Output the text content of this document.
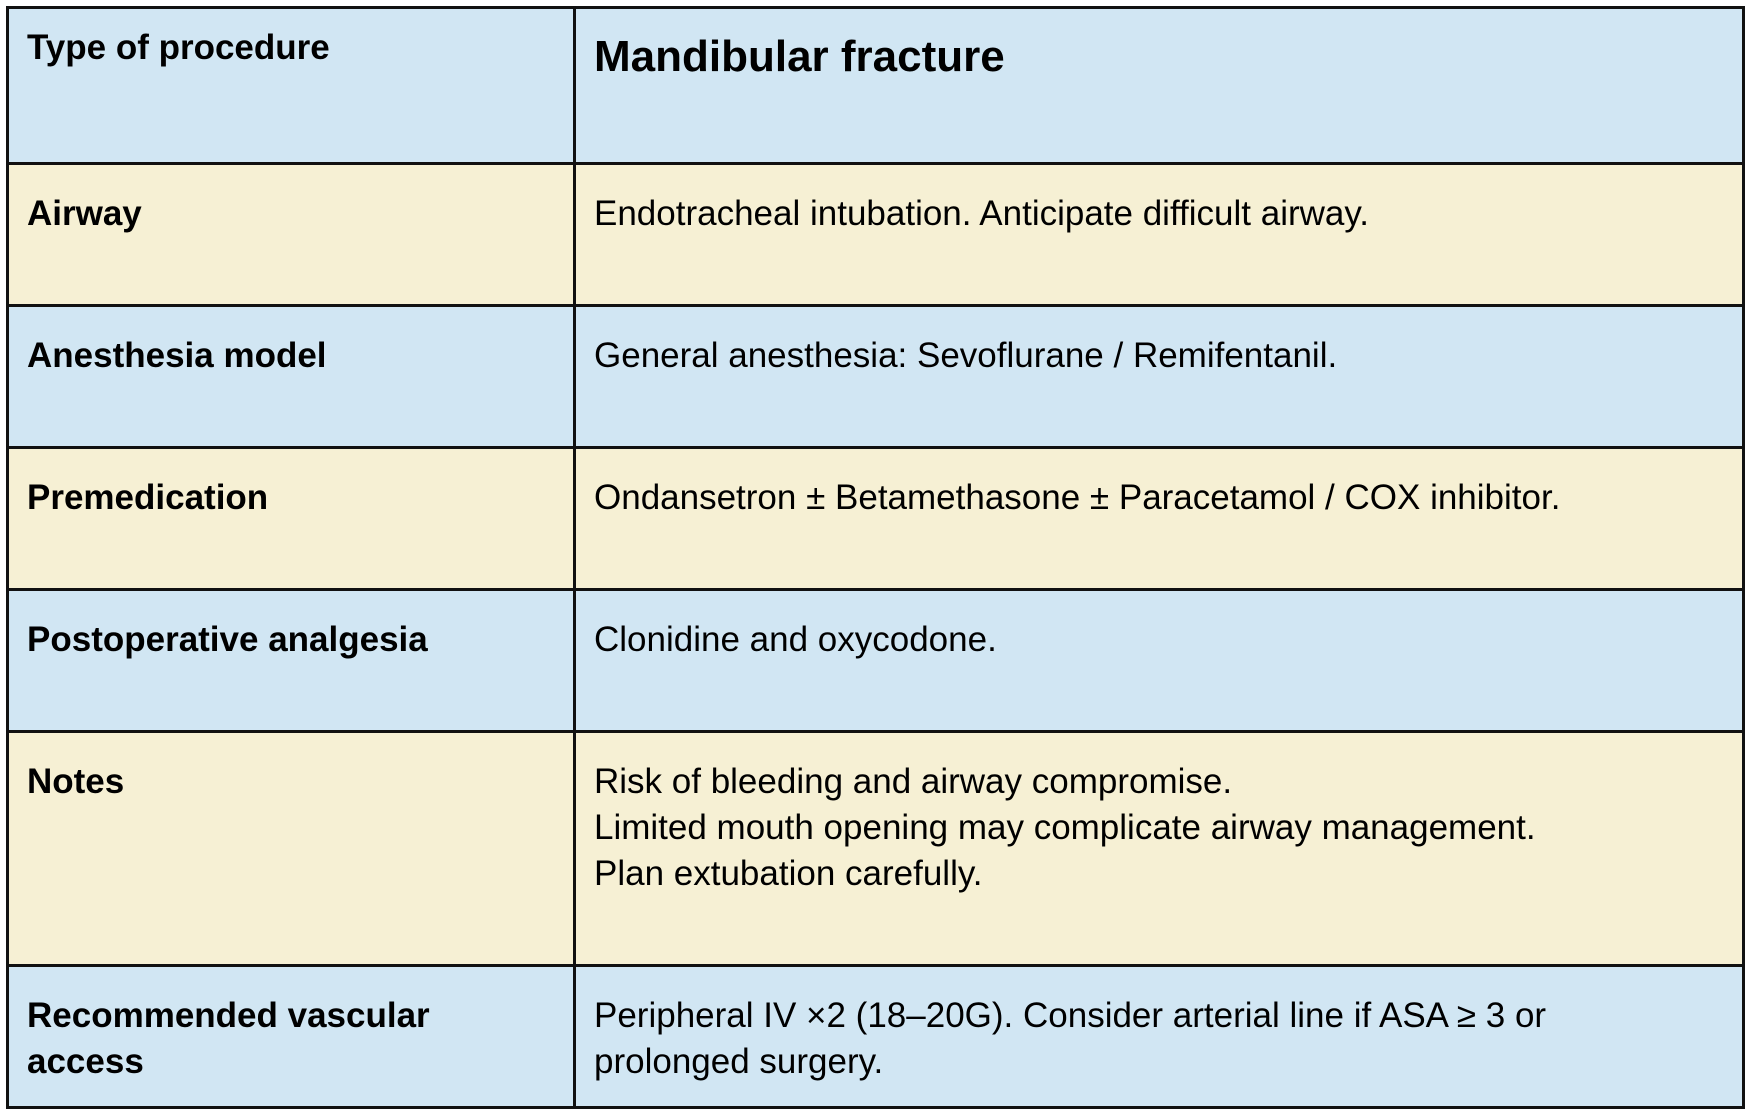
Type of procedure	Mandibular fracture
Airway	Endotracheal intubation. Anticipate difficult airway.

Anesthesia model	General anesthesia: Sevoflurane / Remifentanil.

Premedication	Ondansetron ± Betamethasone ± Paracetamol / COX inhibitor.

Postoperative analgesia	Clonidine and oxycodone.

Notes	Risk of bleeding and airway compromise.
Limited mouth opening may complicate airway management.
Plan extubation carefully.

Recommended vascular
access	Peripheral IV ×2 (18–20G). Consider arterial line if ASA ≥ 3 or
prolonged surgery.
